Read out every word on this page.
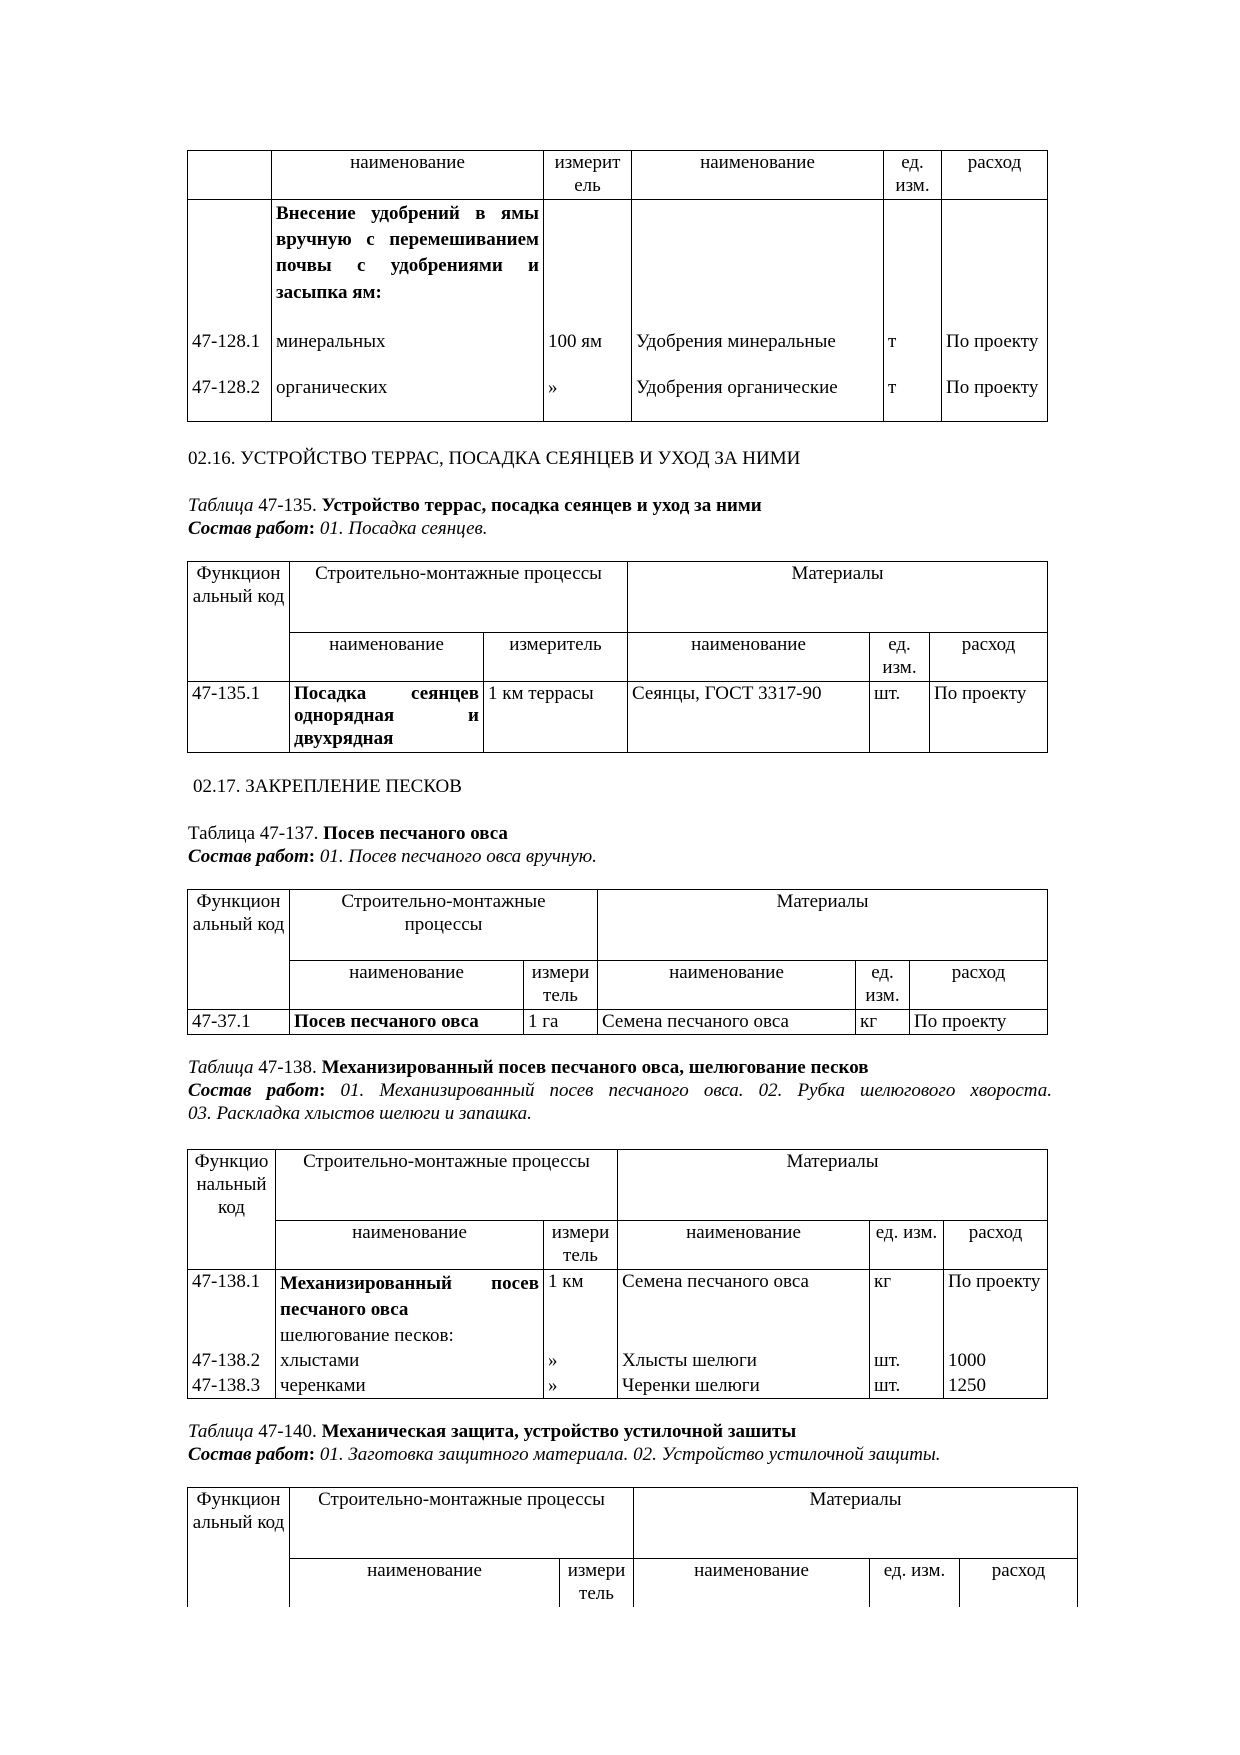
	наименование	измерит ель	наименование	ед. изм.	расход
	Внесение удобрений в ямы вручную с перемешиванием почвы с удобрениями и засыпка ям:				
47-128.1	минеральных	100 ям	Удобрения минеральные	т	По проекту
47-128.2	органических	»	Удобрения органические	т	По проекту
02.16. УСТРОЙСТВО ТЕРРАС, ПОСАДКА СЕЯНЦЕВ И УХОД ЗА НИМИ
Таблица 47-135. Устройство террас, посадка сеянцев и уход за ними
Состав работ: 01. Посадка сеянцев.
Функцион альный код	Строительно-монтажные процессы		Материалы		
	наименование	измеритель	наименование	ед. изм.	расход
47-135.1	Посадка сеянцев однорядная и двухрядная	1 км террасы	Сеянцы, ГОСТ 3317-90	шт.	По проекту
02.17. ЗАКРЕПЛЕНИЕ ПЕСКОВ
Таблица 47-137. Посев песчаного овса
Состав работ: 01. Посев песчаного овса вручную.
Функцион альный код	Строительно-монтажные процессы		Материалы		
	наименование	измери тель	наименование	ед. изм.	расход
47-37.1	Посев песчаного овса	1 га	Семена песчаного овса	кг	По проекту
Таблица 47-138. Механизированный посев песчаного овса, шелюгование песков
Состав работ: 01. Механизированный посев песчаного овса. 02. Рубка шелюгового хвороста.
03. Раскладка хлыстов шелюги и запашка.
Функцио нальный код	Строительно-монтажные процессы		Материалы		
	наименование	измери тель	наименование	ед. изм.	расход
47-138.1	Механизированный посев песчаного овса	1 км	Семена песчаного овса	кг	По проекту
	шелюгование песков:				
47-138.2	хлыстами	»	Хлысты шелюги	шт.	1000
47-138.3	черенками	»	Черенки шелюги	шт.	1250
Таблица 47-140. Механическая защита, устройство устилочной зашиты
Состав работ: 01. Заготовка защитного материала. 02. Устройство устилочной защиты.
Функцион альный код	Строительно-монтажные процессы		Материалы		
	наименование	измери тель	наименование	ед. изм.	расход
